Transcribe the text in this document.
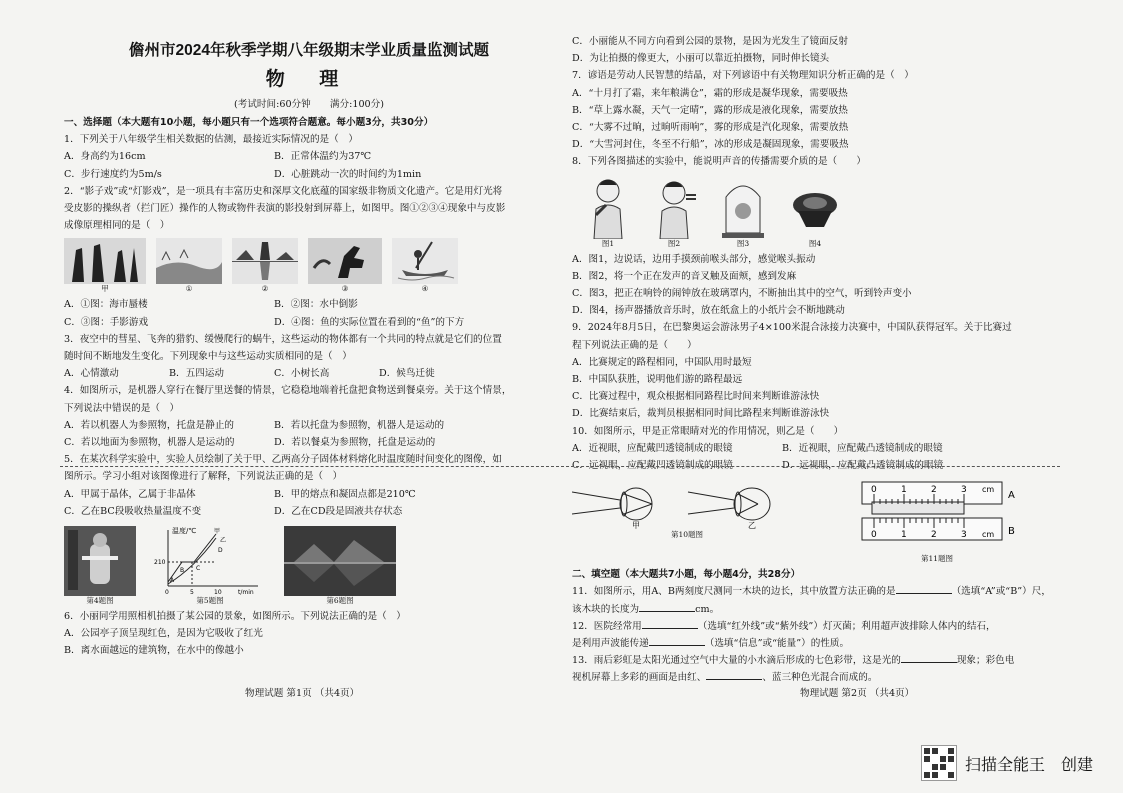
儋州市2024年秋季学期八年级期末学业质量监测试题
物 理
(考试时间:60分钟　　满分:100分)
一、选择题（本大题有10小题，每小题只有一个选项符合题意。每小题3分，共30分）
1．下列关于八年级学生相关数据的估测，最接近实际情况的是（　）
A．身高约为16cm	B．正常体温约为37℃
C．步行速度约为5m/s	D．心脏跳动一次的时间约为1min
2．“影子戏”或“灯影戏”，是一项具有丰富历史和深厚文化底蕴的国家级非物质文化遗产。它是用灯光将
受皮影的操纵者（拦门匠）操作的人物或物件表演的影投射到屏幕上，如图甲。图①②③④现象中与皮影
成像原理相同的是（　）
甲	①	②	③	④
A．①图：海市蜃楼	B．②图：水中倒影
C．③图：手影游戏	D．④图：鱼的实际位置在看到的“鱼”的下方
3．夜空中的彗星、飞奔的猎豹、缓慢爬行的蜗牛，这些运动的物体都有一个共同的特点就是它们的位置
随时间不断地发生变化。下列现象中与这些运动实质相同的是（　）
A．心情激动	B．五四运动	C．小树长高	D．候鸟迁徙
4．如图所示，是机器人穿行在餐厅里送餐的情景，它稳稳地端着托盘把食物送到餐桌旁。关于这个情景，
下列说法中错误的是（　）
A．若以机器人为参照物，托盘是静止的	B．若以托盘为参照物，机器人是运动的
C．若以地面为参照物，机器人是运动的	D．若以餐桌为参照物，托盘是运动的
5．在某次科学实验中，实验人员绘制了关于甲、乙两高分子固体材料熔化时温度随时间变化的图像，如
图所示。学习小组对该图像进行了解释，下列说法正确的是（　）
A．甲属于晶体，乙属于非晶体	B．甲的熔点和凝固点都是210℃
C．乙在BC段吸收热量温度不变	D．乙在CD段是固液共存状态
第4题图
温度/℃
t/min
210
0	5	10
甲
乙
A
B C
D
第5题图	第6题图
6．小丽同学用照相机拍摄了某公园的景象，如图所示。下列说法正确的是（　）
A．公园亭子顶呈现红色，是因为它吸收了红光
B．离水面越远的建筑物，在水中的像越小
物理试题 第1页 （共4页）
C．小丽能从不同方向看到公园的景物，是因为光发生了镜面反射
D．为让拍摄的像更大，小丽可以靠近拍摄物，同时伸长镜头
7．谚语是劳动人民智慧的结晶，对下列谚语中有关物理知识分析正确的是（　）
A．“十月打了霜，来年粮满仓”，霜的形成是凝华现象，需要吸热
B．“草上露水凝，天气一定晴”，露的形成是液化现象，需要放热
C．“大雾不过晌，过晌听雨响”，雾的形成是汽化现象，需要放热
D．“大雪河封住，冬至不行船”，冰的形成是凝固现象，需要吸热
8．下列各图描述的实验中，能说明声音的传播需要介质的是（　　）
图1	图2	图3	图4
A．图1，边说话，边用手摸颈前喉头部分，感觉喉头振动
B．图2，将一个正在发声的音叉触及面颊，感到发麻
C．图3，把正在响铃的闹钟放在玻璃罩内，不断抽出其中的空气，听到铃声变小
D．图4，扬声器播放音乐时，放在纸盒上的小纸片会不断地跳动
9．2024年8月5日，在巴黎奥运会游泳男子4×100米混合泳接力决赛中，中国队获得冠军。关于比赛过
程下列说法正确的是（　　）
A．比赛规定的路程相同，中国队用时最短
B．中国队获胜，说明他们游的路程最远
C．比赛过程中，观众根据相同路程比时间来判断谁游泳快
D．比赛结束后，裁判员根据相同时间比路程来判断谁游泳快
10．如图所示，甲是正常眼睛对光的作用情况，则乙是（　　）
A．近视眼，应配戴凹透镜制成的眼镜	B．近视眼，应配戴凸透镜制成的眼镜
C．远视眼，应配戴凹透镜制成的眼镜	D．远视眼，应配戴凸透镜制成的眼镜
甲	乙
第10题图
0	1	2	3 cm
A
0	1	2	3 cm B
第11题图
二、填空题（本大题共7小题，每小题4分，共28分）
11．如图所示，用A、B两刻度尺测同一木块的边长，其中放置方法正确的是	（选填“A”或“B”）尺，
该木块的长度为	cm。
12．医院经常用	（选填“红外线”或“紫外线”）灯灭菌；利用超声波排除人体内的结石，
是利用声波能传递	（选填“信息”或“能量”）的性质。
13．雨后彩虹是太阳光通过空气中大量的小水滴后形成的七色彩带，这是光的	现象；彩色电
视机屏幕上多彩的画面是由红、	、蓝三种色光混合而成的。
物理试题 第2页 （共4页）
扫描全能王　创建
